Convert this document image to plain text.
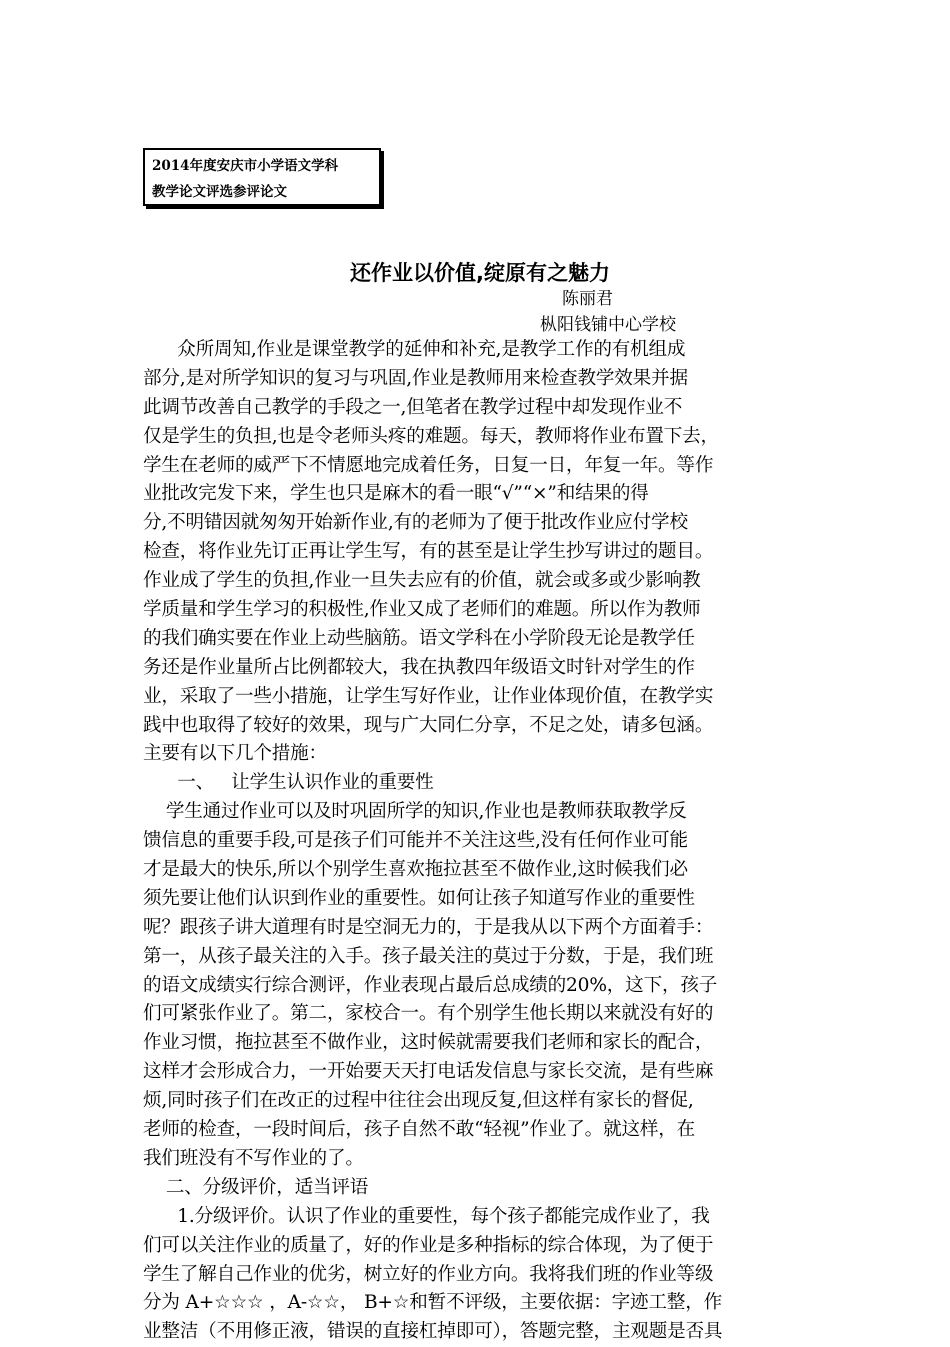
2014年度安庆市小学语文学科
教学论文评选参评论文
还作业以价值,绽原有之魅力
陈丽君
枞阳钱铺中心学校
众所周知,作业是课堂教学的延伸和补充,是教学工作的有机组成
部分,是对所学知识的复习与巩固,作业是教师用来检查教学效果并据
此调节改善自己教学的手段之一,但笔者在教学过程中却发现作业不
仅是学生的负担,也是令老师头疼的难题。每天，教师将作业布置下去，
学生在老师的威严下不情愿地完成着任务，日复一日，年复一年。等作
业批改完发下来，学生也只是麻木的看一眼“√”“×”和结果的得
分,不明错因就匆匆开始新作业,有的老师为了便于批改作业应付学校
检查，将作业先订正再让学生写，有的甚至是让学生抄写讲过的题目。
作业成了学生的负担,作业一旦失去应有的价值，就会或多或少影响教
学质量和学生学习的积极性,作业又成了老师们的难题。所以作为教师
的我们确实要在作业上动些脑筋。语文学科在小学阶段无论是教学任
务还是作业量所占比例都较大，我在执教四年级语文时针对学生的作
业，采取了一些小措施，让学生写好作业，让作业体现价值，在教学实
践中也取得了较好的效果，现与广大同仁分享，不足之处，请多包涵。
主要有以下几个措施：
一、   让学生认识作业的重要性
学生通过作业可以及时巩固所学的知识,作业也是教师获取教学反
馈信息的重要手段,可是孩子们可能并不关注这些,没有任何作业可能
才是最大的快乐,所以个别学生喜欢拖拉甚至不做作业,这时候我们必
须先要让他们认识到作业的重要性。如何让孩子知道写作业的重要性
呢？跟孩子讲大道理有时是空洞无力的，于是我从以下两个方面着手：
第一，从孩子最关注的入手。孩子最关注的莫过于分数，于是，我们班
的语文成绩实行综合测评，作业表现占最后总成绩的20%，这下，孩子
们可紧张作业了。第二，家校合一。有个别学生他长期以来就没有好的
作业习惯，拖拉甚至不做作业，这时候就需要我们老师和家长的配合，
这样才会形成合力，一开始要天天打电话发信息与家长交流，是有些麻
烦,同时孩子们在改正的过程中往往会出现反复,但这样有家长的督促,
老师的检查，一段时间后，孩子自然不敢“轻视”作业了。就这样，在
我们班没有不写作业的了。
二、分级评价，适当评语
1.分级评价。认识了作业的重要性，每个孩子都能完成作业了，我
们可以关注作业的质量了，好的作业是多种指标的综合体现，为了便于
学生了解自己作业的优劣，树立好的作业方向。我将我们班的作业等级
分为 A+☆☆☆ ，A-☆☆， B+☆和暂不评级，主要依据：字迹工整，作
业整洁（不用修正液，错误的直接杠掉即可），答题完整，主观题是否具
